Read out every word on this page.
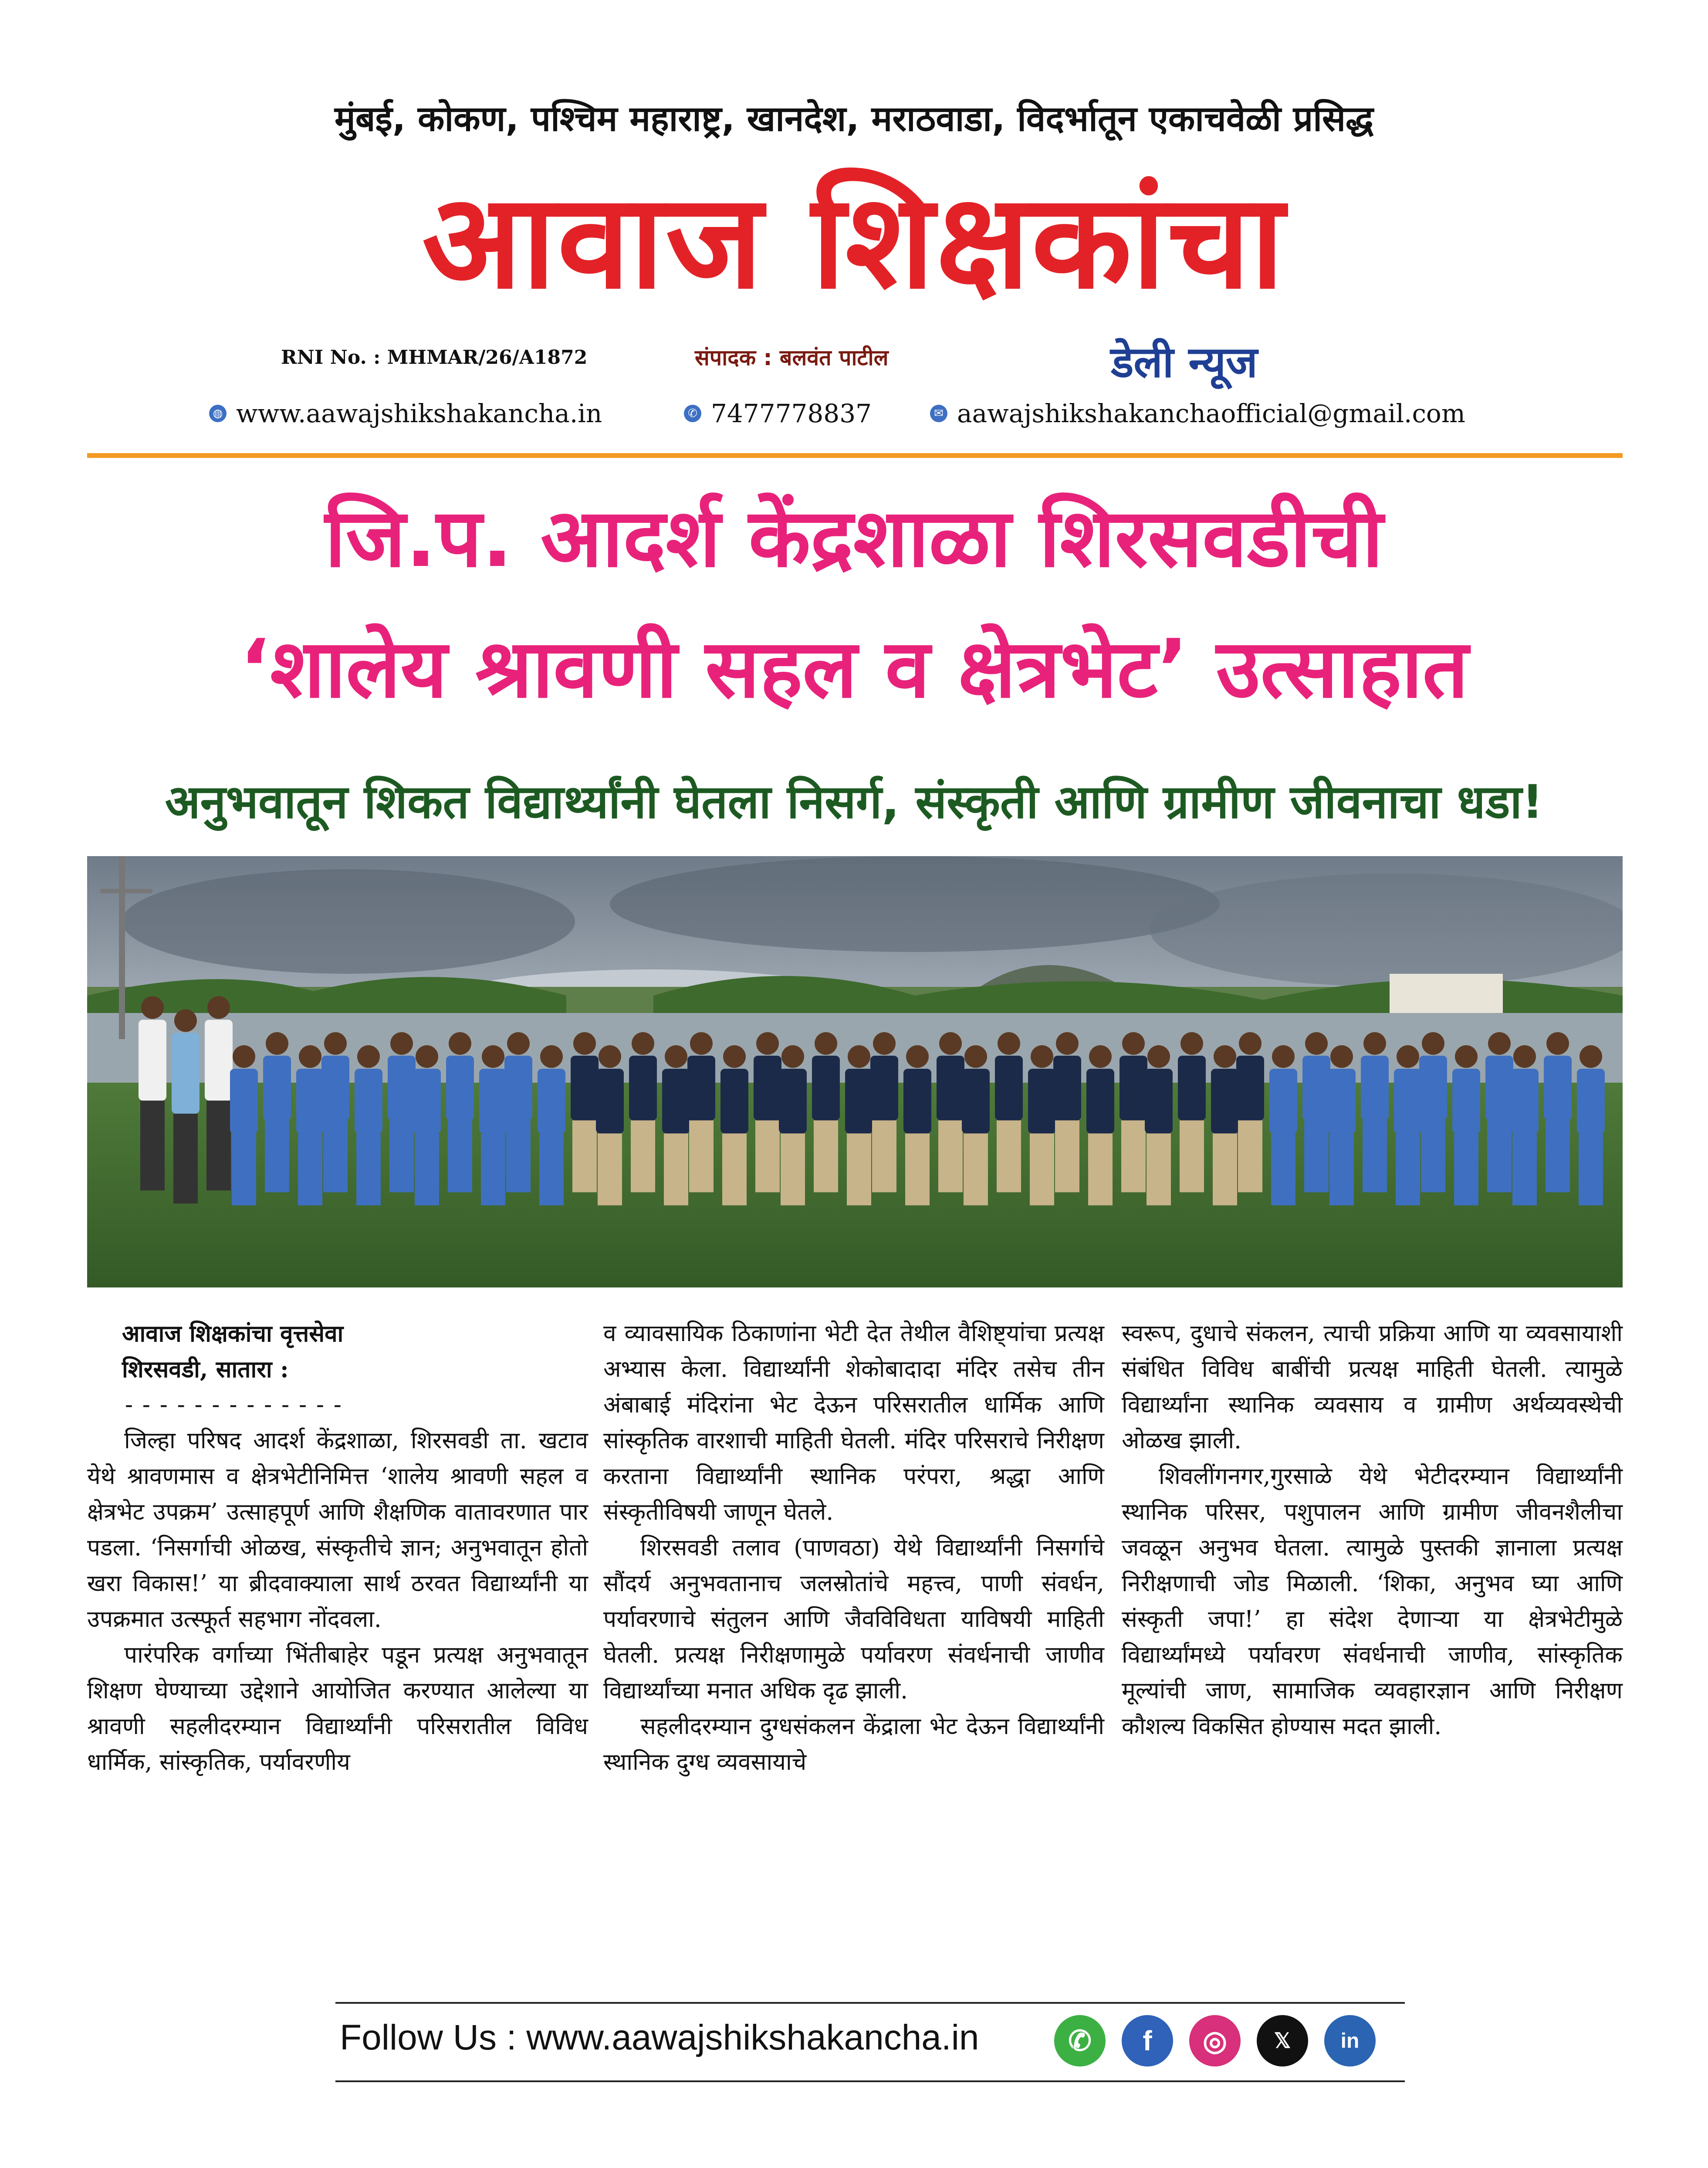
मुंबई, कोकण, पश्चिम महाराष्ट्र, खानदेश, मराठवाडा, विदर्भातून एकाचवेळी प्रसिद्ध
आवाज शिक्षकांचा
RNI No. : MHMAR/26/A1872	संपादक : बलवंत पाटील	डेली न्यूज
◍ www.aawajshikshakancha.in	✆ 7477778837	✉ aawajshikshakanchaofficial@gmail.com
जि.प. आदर्श केंद्रशाळा शिरसवडीची
‘शालेय श्रावणी सहल व क्षेत्रभेट’ उत्साहात
अनुभवातून शिकत विद्यार्थ्यांनी घेतला निसर्ग, संस्कृती आणि ग्रामीण जीवनाचा धडा!
आवाज शिक्षकांचा वृत्तसेवा
शिरसवडी, सातारा :
-------------

जिल्हा परिषद आदर्श केंद्रशाळा, शिरसवडी ता. खटाव येथे श्रावणमास व क्षेत्रभेटीनिमित्त ‘शालेय श्रावणी सहल व क्षेत्रभेट उपक्रम’ उत्साहपूर्ण आणि शैक्षणिक वातावरणात पार पडला. ‘निसर्गाची ओळख, संस्कृतीचे ज्ञान; अनुभवातून होतो खरा विकास!’ या ब्रीदवाक्याला सार्थ ठरवत विद्यार्थ्यांनी या उपक्रमात उत्स्फूर्त सहभाग नोंदवला.

पारंपरिक वर्गाच्या भिंतीबाहेर पडून प्रत्यक्ष अनुभवातून शिक्षण घेण्याच्या उद्देशाने आयोजित करण्यात आलेल्या या श्रावणी सहलीदरम्यान विद्यार्थ्यांनी परिसरातील विविध धार्मिक, सांस्कृतिक, पर्यावरणीय

व व्यावसायिक ठिकाणांना भेटी देत तेथील वैशिष्ट्यांचा प्रत्यक्ष अभ्यास केला. विद्यार्थ्यांनी शेकोबादादा मंदिर तसेच तीन अंबाबाई मंदिरांना भेट देऊन परिसरातील धार्मिक आणि सांस्कृतिक वारशाची माहिती घेतली. मंदिर परिसराचे निरीक्षण करताना विद्यार्थ्यांनी स्थानिक परंपरा, श्रद्धा आणि संस्कृतीविषयी जाणून घेतले.

शिरसवडी तलाव (पाणवठा) येथे विद्यार्थ्यांनी निसर्गाचे सौंदर्य अनुभवतानाच जलस्रोतांचे महत्त्व, पाणी संवर्धन, पर्यावरणाचे संतुलन आणि जैवविविधता याविषयी माहिती घेतली. प्रत्यक्ष निरीक्षणामुळे पर्यावरण संवर्धनाची जाणीव विद्यार्थ्यांच्या मनात अधिक दृढ झाली.

सहलीदरम्यान दुग्धसंकलन केंद्राला भेट देऊन विद्यार्थ्यांनी स्थानिक दुग्ध व्यवसायाचे

स्वरूप, दुधाचे संकलन, त्याची प्रक्रिया आणि या व्यवसायाशी संबंधित विविध बाबींची प्रत्यक्ष माहिती घेतली. त्यामुळे विद्यार्थ्यांना स्थानिक व्यवसाय व ग्रामीण अर्थव्यवस्थेची ओळख झाली.

शिवलींगनगर,गुरसाळे येथे भेटीदरम्यान विद्यार्थ्यांनी स्थानिक परिसर, पशुपालन आणि ग्रामीण जीवनशैलीचा जवळून अनुभव घेतला. त्यामुळे पुस्तकी ज्ञानाला प्रत्यक्ष निरीक्षणाची जोड मिळाली. ‘शिका, अनुभव घ्या आणि संस्कृती जपा!’ हा संदेश देणाऱ्या या क्षेत्रभेटीमुळे विद्यार्थ्यांमध्ये पर्यावरण संवर्धनाची जाणीव, सांस्कृतिक मूल्यांची जाण, सामाजिक व्यवहारज्ञान आणि निरीक्षण कौशल्य विकसित होण्यास मदत झाली.

Follow Us : www.aawajshikshakancha.in	✆	f	◎	𝕏	in
